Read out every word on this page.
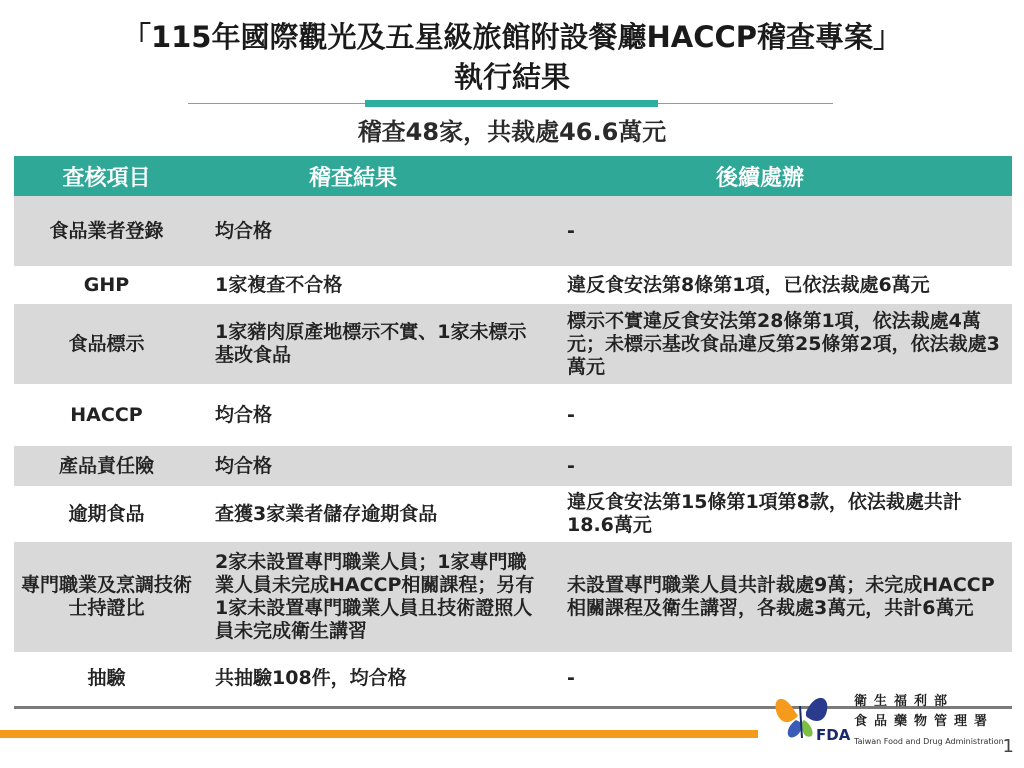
「115年國際觀光及五星級旅館附設餐廳HACCP稽查專案」
執行結果
稽查48家，共裁處46.6萬元
查核項目	稽查結果	後續處辦
食品業者登錄	均合格	-
GHP	1家複查不合格	違反食安法第8條第1項，已依法裁處6萬元
食品標示	1家豬肉原產地標示不實、1家未標示基改食品	標示不實違反食安法第28條第1項，依法裁處4萬元；未標示基改食品違反第25條第2項，依法裁處3萬元
HACCP	均合格	-
產品責任險	均合格	-
逾期食品	查獲3家業者儲存逾期食品	違反食安法第15條第1項第8款，依法裁處共計18.6萬元
專門職業及烹調技術士持證比	2家未設置專門職業人員；1家專門職業人員未完成HACCP相關課程；另有1家未設置專門職業人員且技術證照人員未完成衛生講習	未設置專門職業人員共計裁處9萬；未完成HACCP相關課程及衛生講習，各裁處3萬元，共計6萬元
抽驗	共抽驗108件，均合格	-
FDA
衛生福利部
食品藥物管理署
Taiwan Food and Drug Administration
1
